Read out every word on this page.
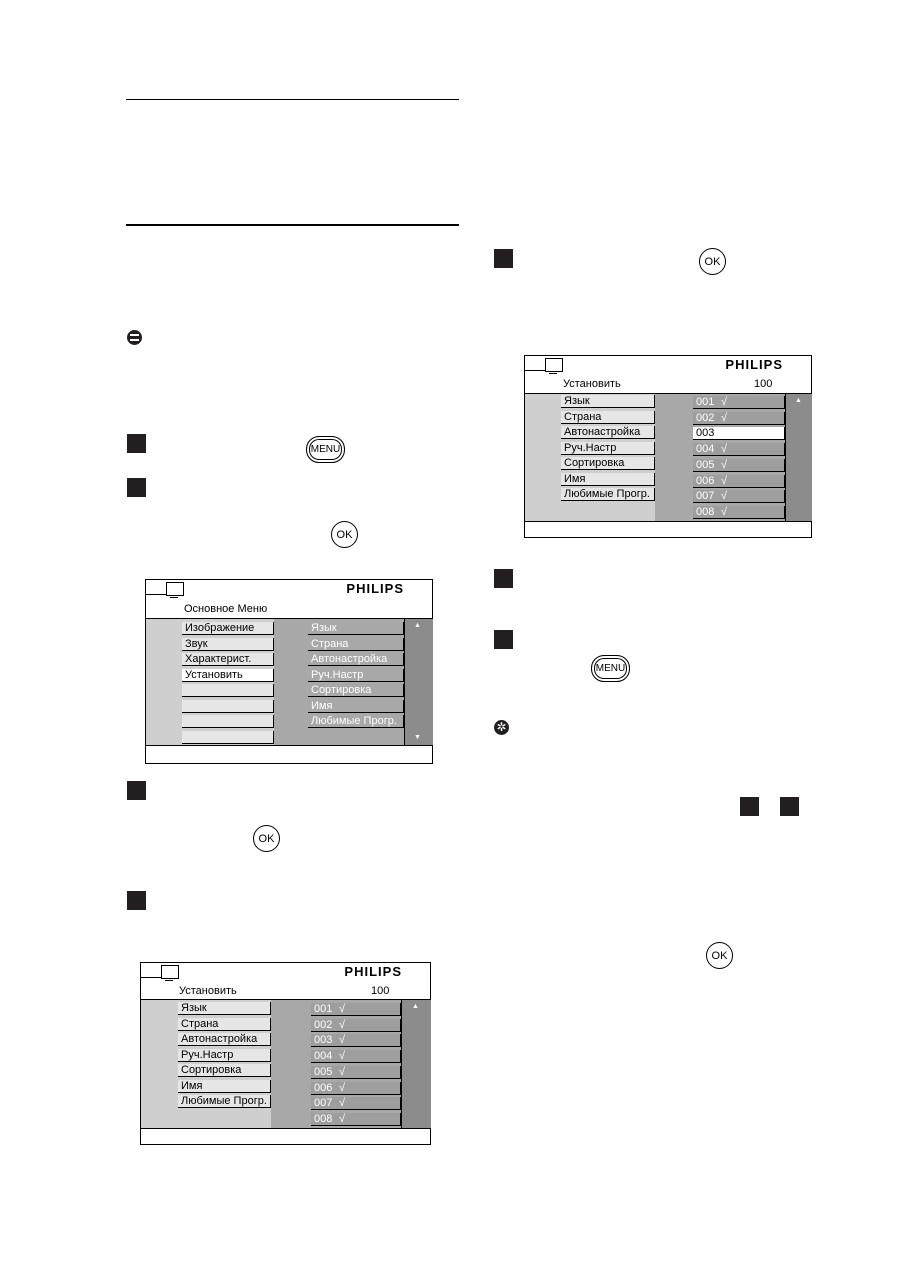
MENU
OK
PHILIPS
Основное Меню
▲
▼
Изображение
Звук
Характерист.
Установить
Язык
Страна
Автонастройка
Руч.Настр
Сортировка
Имя
Любимые Прогр.
OK
PHILIPS
Установить	100
▲
Язык
Страна
Автонастройка
Руч.Настр
Сортировка
Имя
Любимые Прогр.
001 √
002 √
003 √
004 √
005 √
006 √
007 √
008 √
OK
PHILIPS
Установить	100
▲
Язык
Страна
Автонастройка
Руч.Настр
Сортировка
Имя
Любимые Прогр.
001 √
002 √
003
004 √
005 √
006 √
007 √
008 √
MENU
✲
OK
